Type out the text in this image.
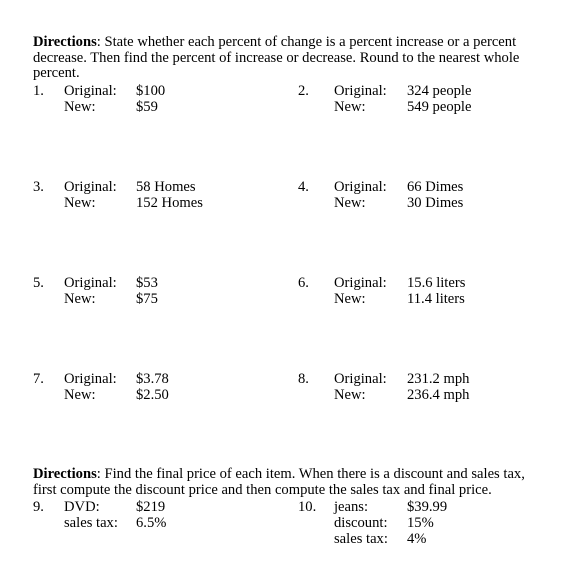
Directions: State whether each percent of change is a percent increase or a percent
decrease. Then find the percent of increase or decrease. Round to the nearest whole
percent.
1. Original: $100
New:	$59
2. Original: 324 people
New:	549 people
3. Original: 58 Homes
New:	152 Homes
4. Original: 66 Dimes
New:	30 Dimes
5. Original: $53
New:	$75
6. Original: 15.6 liters
New:	11.4 liters
7. Original: $3.78
New:	$2.50
8. Original: 231.2 mph
New:	236.4 mph
Directions: Find the final price of each item. When there is a discount and sales tax,
first compute the discount price and then compute the sales tax and final price.
9. DVD: $219
sales tax: 6.5%
10. jeans:	$39.99
discount: 15%
sales tax: 4%
